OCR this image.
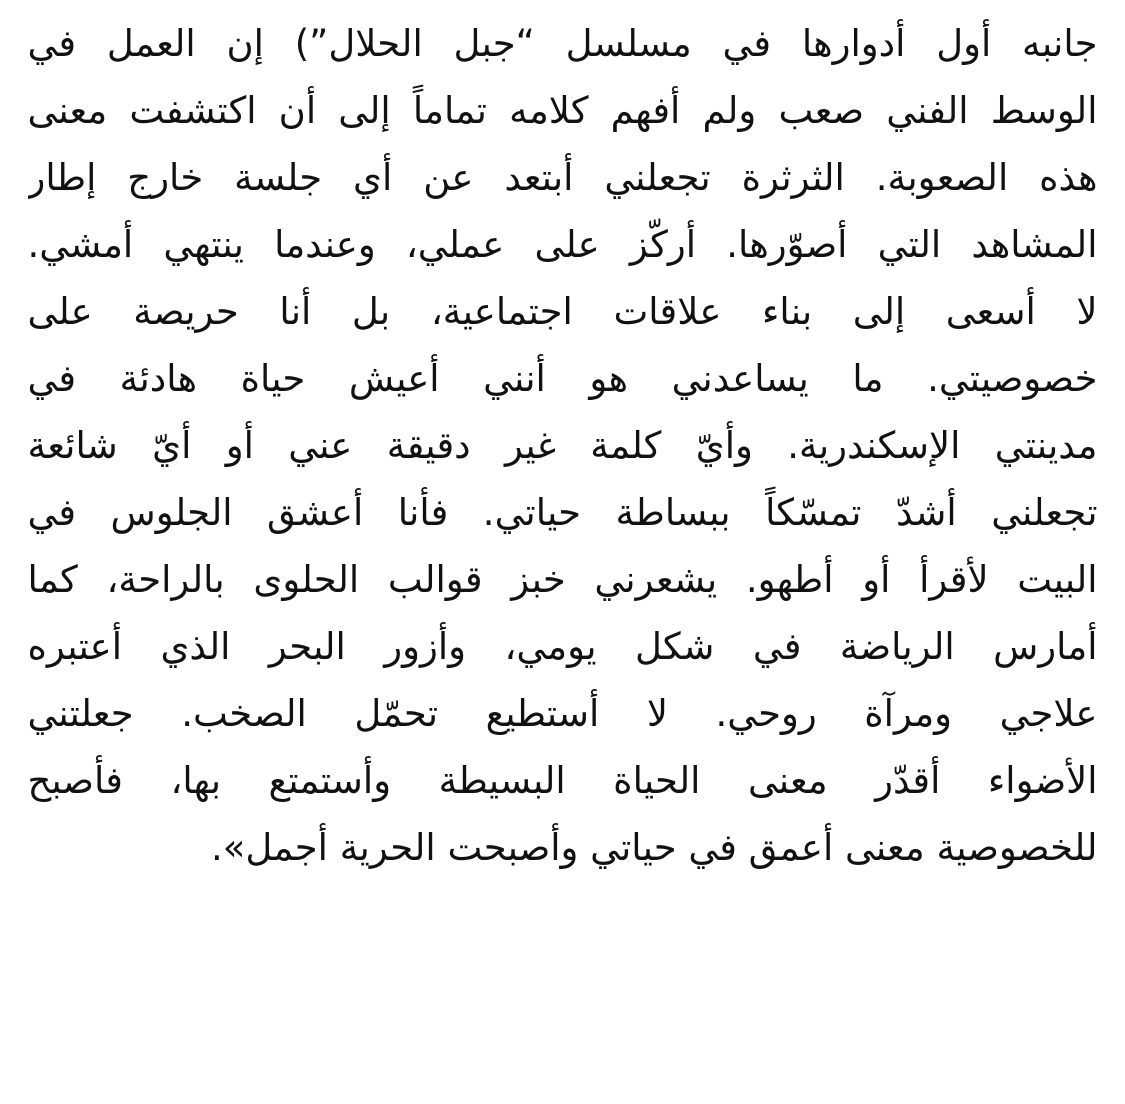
جانبه أول أدوارها في مسلسل “جبل الحلال”) إن العمل في
الوسط الفني صعب ولم أفهم كلامه تماماً إلى أن اكتشفت معنى
هذه الصعوبة. الثرثرة تجعلني أبتعد عن أي جلسة خارج إطار
المشاهد التي أصوّرها. أركّز على عملي، وعندما ينتهي أمشي.
لا أسعى إلى بناء علاقات اجتماعية، بل أنا حريصة على
خصوصيتي. ما يساعدني هو أنني أعيش حياة هادئة في
مدينتي الإسكندرية. وأيّ كلمة غير دقيقة عني أو أيّ شائعة
تجعلني أشدّ تمسّكاً ببساطة حياتي. فأنا أعشق الجلوس في
البيت لأقرأ أو أطهو. يشعرني خبز قوالب الحلوى بالراحة، كما
أمارس الرياضة في شكل يومي، وأزور البحر الذي أعتبره
علاجي ومرآة روحي. لا أستطيع تحمّل الصخب. جعلتني
الأضواء أقدّر معنى الحياة البسيطة وأستمتع بها، فأصبح
للخصوصية معنى أعمق في حياتي وأصبحت الحرية أجمل».
